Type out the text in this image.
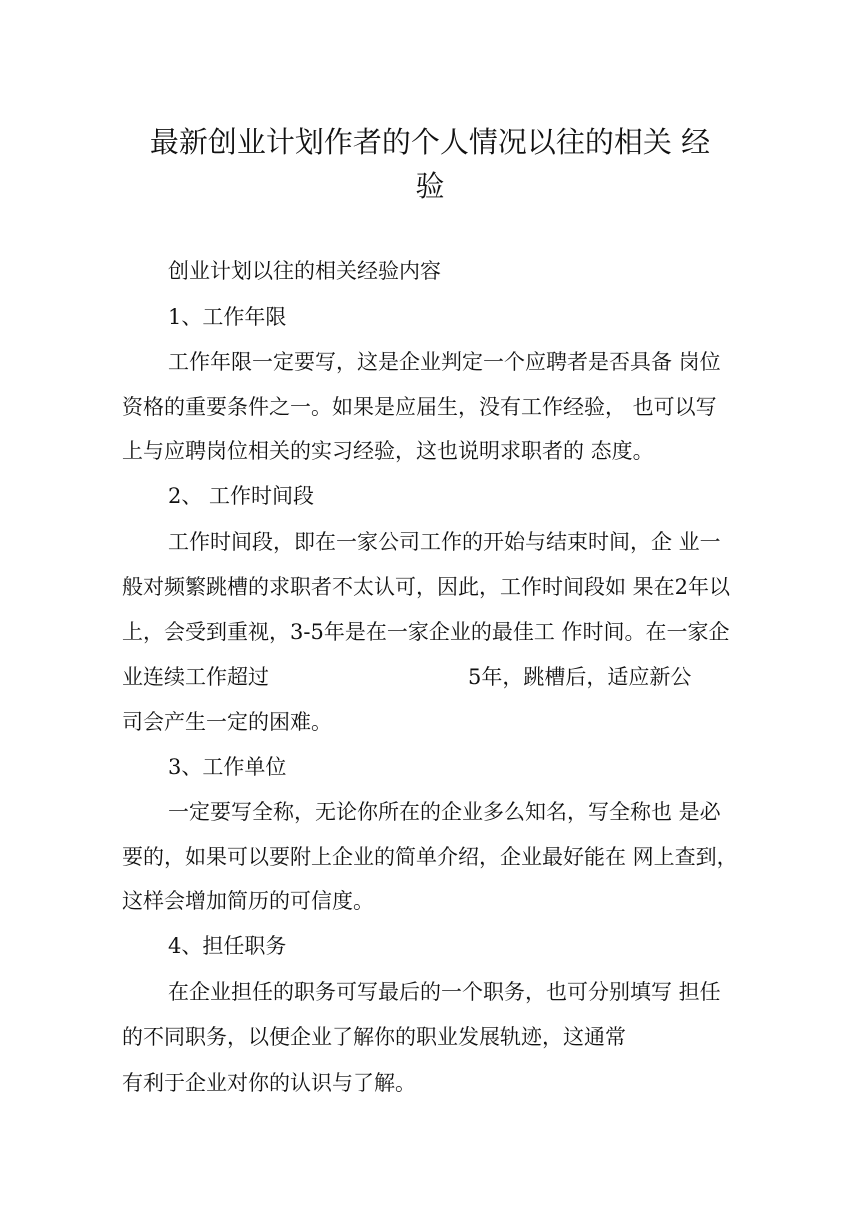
最新创业计划作者的个人情况以往的相关 经
验
创业计划以往的相关经验内容
1、工作年限
工作年限一定要写，这是企业判定一个应聘者是否具备 岗位
资格的重要条件之一。如果是应届生，没有工作经验， 也可以写
上与应聘岗位相关的实习经验，这也说明求职者的 态度。
2、 工作时间段
工作时间段，即在一家公司工作的开始与结束时间，企 业一
般对频繁跳槽的求职者不太认可，因此，工作时间段如 果在2年以
上，会受到重视，3-5年是在一家企业的最佳工 作时间。在一家企
业连续工作超过	5年，跳槽后，适应新公
司会产生一定的困难。
3、工作单位
一定要写全称，无论你所在的企业多么知名，写全称也 是必
要的，如果可以要附上企业的简单介绍，企业最好能在 网上查到，
这样会增加简历的可信度。
4、担任职务
在企业担任的职务可写最后的一个职务，也可分别填写 担任
的不同职务，以便企业了解你的职业发展轨迹，这通常
有利于企业对你的认识与了解。
